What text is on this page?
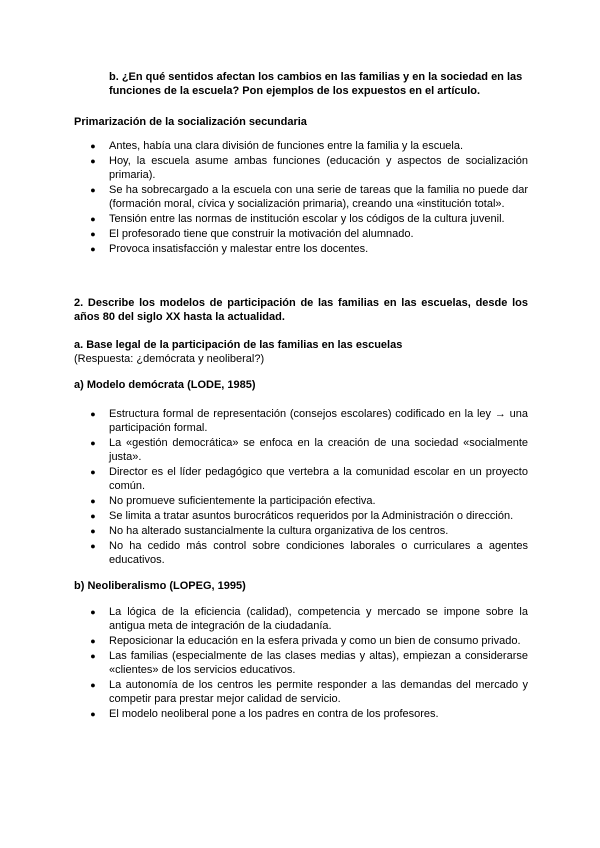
b. ¿En qué sentidos afectan los cambios en las familias y en la sociedad en las funciones de la escuela? Pon ejemplos de los expuestos en el artículo.
Primarización de la socialización secundaria
● Antes, había una clara división de funciones entre la familia y la escuela.
● Hoy, la escuela asume ambas funciones (educación y aspectos de socialización primaria).
● Se ha sobrecargado a la escuela con una serie de tareas que la familia no puede dar (formación moral, cívica y socialización primaria), creando una «institución total».
● Tensión entre las normas de institución escolar y los códigos de la cultura juvenil.
● El profesorado tiene que construir la motivación del alumnado.
● Provoca insatisfacción y malestar entre los docentes.
2. Describe los modelos de participación de las familias en las escuelas, desde los años 80 del siglo XX hasta la actualidad.
a. Base legal de la participación de las familias en las escuelas
(Respuesta: ¿demócrata y neoliberal?)
a) Modelo demócrata (LODE, 1985)
● Estructura formal de representación (consejos escolares) codificado en la ley → una participación formal.
● La «gestión democrática» se enfoca en la creación de una sociedad «socialmente justa».
● Director es el líder pedagógico que vertebra a la comunidad escolar en un proyecto común.
● No promueve suficientemente la participación efectiva.
● Se limita a tratar asuntos burocráticos requeridos por la Administración o dirección.
● No ha alterado sustancialmente la cultura organizativa de los centros.
● No ha cedido más control sobre condiciones laborales o curriculares a agentes educativos.
b) Neoliberalismo (LOPEG, 1995)
● La lógica de la eficiencia (calidad), competencia y mercado se impone sobre la antigua meta de integración de la ciudadanía.
● Reposicionar la educación en la esfera privada y como un bien de consumo privado.
● Las familias (especialmente de las clases medias y altas), empiezan a considerarse «clientes» de los servicios educativos.
● La autonomía de los centros les permite responder a las demandas del mercado y competir para prestar mejor calidad de servicio.
● El modelo neoliberal pone a los padres en contra de los profesores.
